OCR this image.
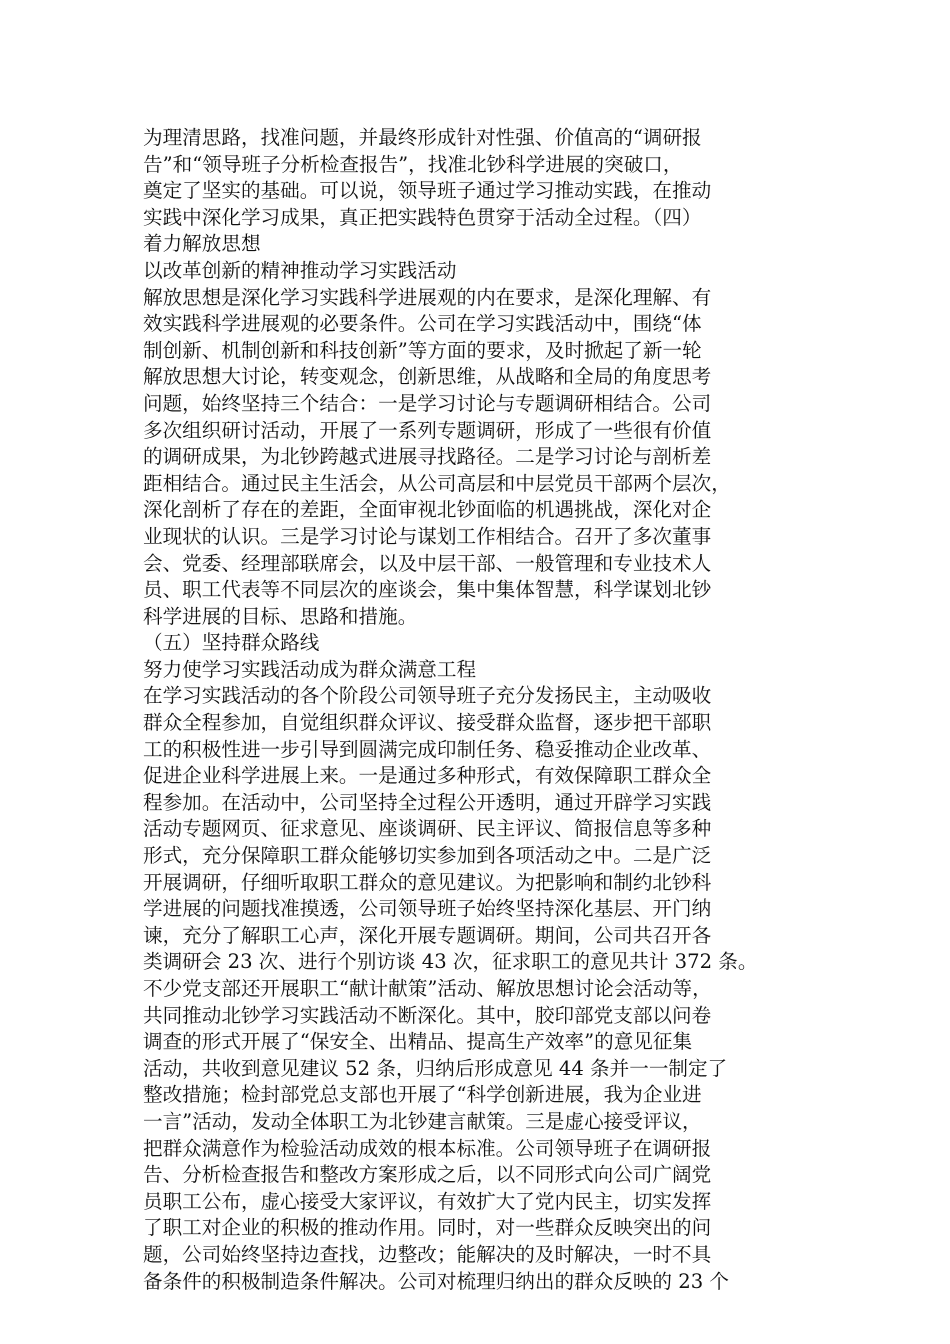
为理清思路，找准问题，并最终形成针对性强、价值高的“调研报
告”和“领导班子分析检查报告”，找准北钞科学进展的突破口，
奠定了坚实的基础。可以说，领导班子通过学习推动实践，在推动
实践中深化学习成果，真正把实践特色贯穿于活动全过程。（四）
着力解放思想
以改革创新的精神推动学习实践活动
解放思想是深化学习实践科学进展观的内在要求，是深化理解、有
效实践科学进展观的必要条件。公司在学习实践活动中，围绕“体
制创新、机制创新和科技创新”等方面的要求，及时掀起了新一轮
解放思想大讨论，转变观念，创新思维，从战略和全局的角度思考
问题，始终坚持三个结合：一是学习讨论与专题调研相结合。公司
多次组织研讨活动，开展了一系列专题调研，形成了一些很有价值
的调研成果，为北钞跨越式进展寻找路径。二是学习讨论与剖析差
距相结合。通过民主生活会，从公司高层和中层党员干部两个层次，
深化剖析了存在的差距，全面审视北钞面临的机遇挑战，深化对企
业现状的认识。三是学习讨论与谋划工作相结合。召开了多次董事
会、党委、经理部联席会，以及中层干部、一般管理和专业技术人
员、职工代表等不同层次的座谈会，集中集体智慧，科学谋划北钞
科学进展的目标、思路和措施。
（五）坚持群众路线
努力使学习实践活动成为群众满意工程
在学习实践活动的各个阶段公司领导班子充分发扬民主，主动吸收
群众全程参加，自觉组织群众评议、接受群众监督，逐步把干部职
工的积极性进一步引导到圆满完成印制任务、稳妥推动企业改革、
促进企业科学进展上来。一是通过多种形式，有效保障职工群众全
程参加。在活动中，公司坚持全过程公开透明，通过开辟学习实践
活动专题网页、征求意见、座谈调研、民主评议、简报信息等多种
形式，充分保障职工群众能够切实参加到各项活动之中。二是广泛
开展调研，仔细听取职工群众的意见建议。为把影响和制约北钞科
学进展的问题找准摸透，公司领导班子始终坚持深化基层、开门纳
谏，充分了解职工心声，深化开展专题调研。期间，公司共召开各
类调研会 23 次、进行个别访谈 43 次，征求职工的意见共计 372 条。
不少党支部还开展职工“献计献策”活动、解放思想讨论会活动等，
共同推动北钞学习实践活动不断深化。其中，胶印部党支部以问卷
调查的形式开展了“保安全、出精品、提高生产效率”的意见征集
活动，共收到意见建议 52 条，归纳后形成意见 44 条并一一制定了
整改措施；检封部党总支部也开展了“科学创新进展，我为企业进
一言”活动，发动全体职工为北钞建言献策。三是虚心接受评议，
把群众满意作为检验活动成效的根本标准。公司领导班子在调研报
告、分析检查报告和整改方案形成之后，以不同形式向公司广阔党
员职工公布，虚心接受大家评议，有效扩大了党内民主，切实发挥
了职工对企业的积极的推动作用。同时，对一些群众反映突出的问
题，公司始终坚持边查找，边整改；能解决的及时解决，一时不具
备条件的积极制造条件解决。公司对梳理归纳出的群众反映的 23 个
